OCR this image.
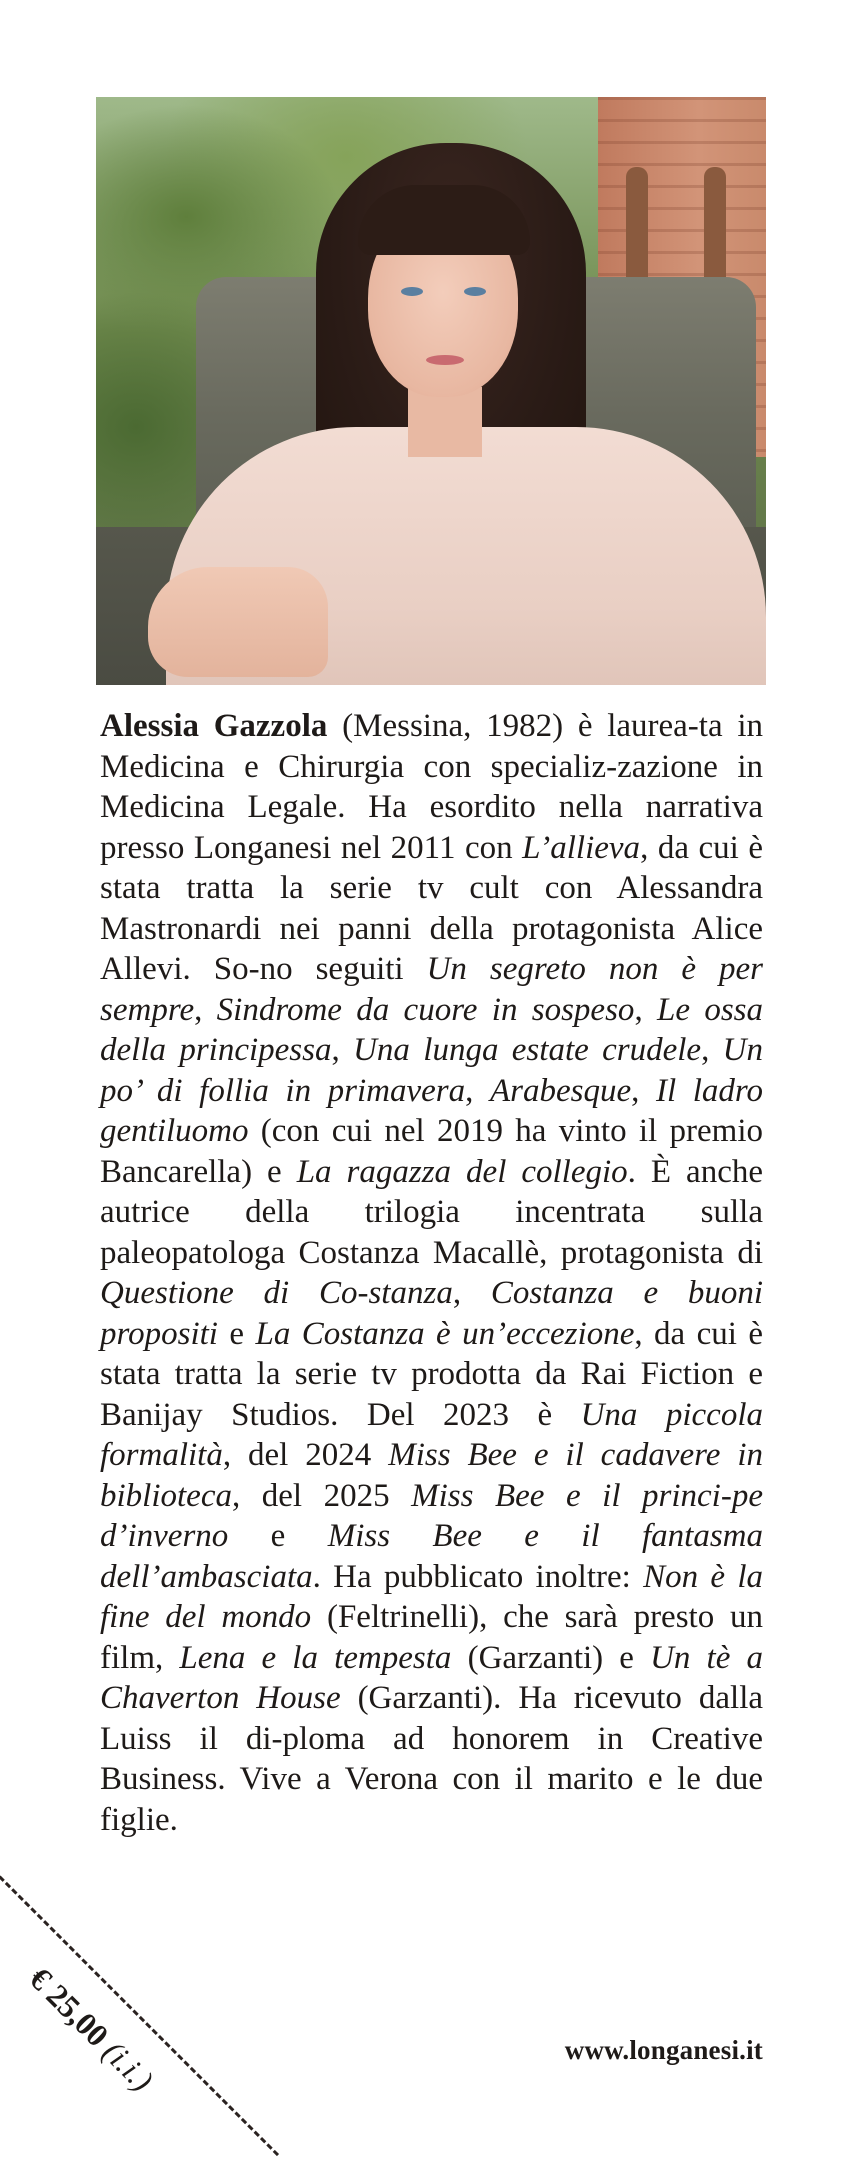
Alessia Gazzola (Messina, 1982) è laurea-ta in Medicina e Chirurgia con specializ-zazione in Medicina Legale. Ha esordito nella narrativa presso Longanesi nel 2011 con L’allieva, da cui è stata tratta la serie tv cult con Alessandra Mastronardi nei panni della protagonista Alice Allevi. So-no seguiti Un segreto non è per sempre, Sindrome da cuore in sospeso, Le ossa della principessa, Una lunga estate crudele, Un po’ di follia in primavera, Arabesque, Il ladro gentiluomo (con cui nel 2019 ha vinto il premio Bancarella) e La ragazza del collegio. È anche autrice della trilogia incentrata sulla paleopatologa Costanza Macallè, protagonista di Questione di Co-stanza, Costanza e buoni propositi e La Costanza è un’eccezione, da cui è stata tratta la serie tv prodotta da Rai Fiction e Banijay Studios. Del 2023 è Una piccola formalità, del 2024 Miss Bee e il cadavere in biblioteca, del 2025 Miss Bee e il princi-pe d’inverno e Miss Bee e il fantasma dell’ambasciata. Ha pubblicato inoltre: Non è la fine del mondo (Feltrinelli), che sarà presto un film, Lena e la tempesta (Garzanti) e Un tè a Chaverton House (Garzanti). Ha ricevuto dalla Luiss il di-ploma ad honorem in Creative Business. Vive a Verona con il marito e le due figlie.

€ 25,00 (i.i.)	www.longanesi.it
